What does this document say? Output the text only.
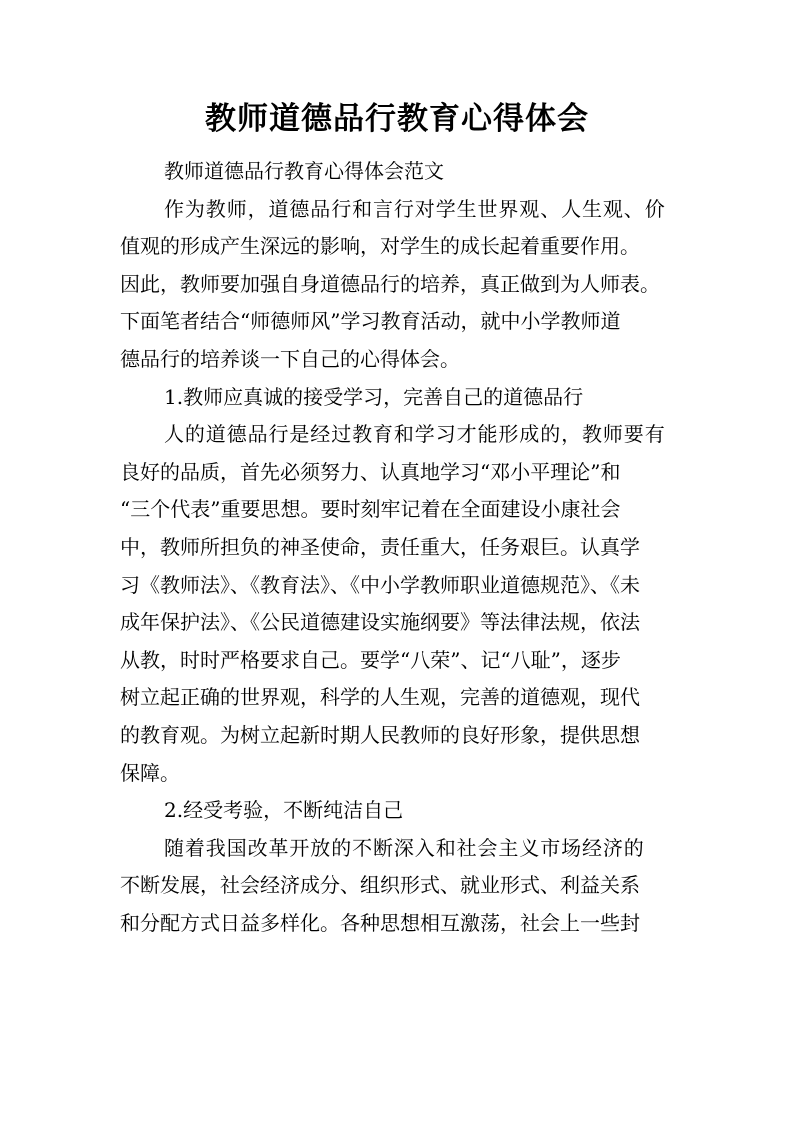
教师道德品行教育心得体会
教师道德品行教育心得体会范文
作为教师，道德品行和言行对学生世界观、人生观、价
值观的形成产生深远的影响，对学生的成长起着重要作用。
因此，教师要加强自身道德品行的培养，真正做到为人师表。
下面笔者结合“师德师风”学习教育活动，就中小学教师道
德品行的培养谈一下自己的心得体会。
1.教师应真诚的接受学习，完善自己的道德品行
人的道德品行是经过教育和学习才能形成的，教师要有
良好的品质，首先必须努力、认真地学习“邓小平理论”和
“三个代表”重要思想。要时刻牢记着在全面建设小康社会
中，教师所担负的神圣使命，责任重大，任务艰巨。认真学
习《教师法》、《教育法》、《中小学教师职业道德规范》、《未
成年保护法》、《公民道德建设实施纲要》等法律法规，依法
从教，时时严格要求自己。要学“八荣”、记“八耻”，逐步
树立起正确的世界观，科学的人生观，完善的道德观，现代
的教育观。为树立起新时期人民教师的良好形象，提供思想
保障。
2.经受考验，不断纯洁自己
随着我国改革开放的不断深入和社会主义市场经济的
不断发展，社会经济成分、组织形式、就业形式、利益关系
和分配方式日益多样化。各种思想相互激荡，社会上一些封
